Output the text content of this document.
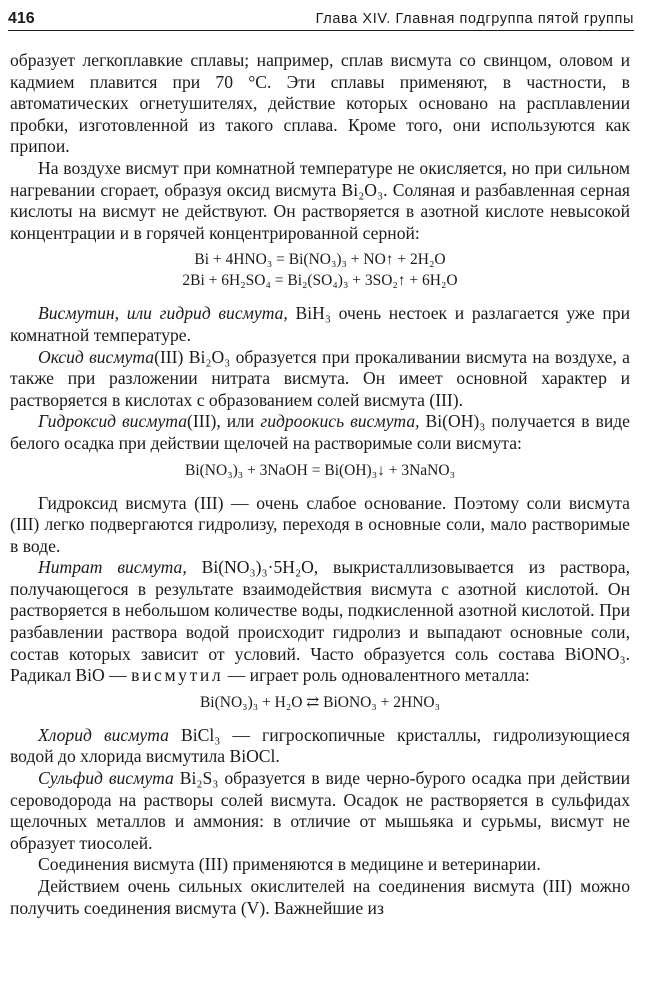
416	Глава XIV. Главная подгруппа пятой группы

образует легкоплавкие сплавы; например, сплав висмута со свинцом, оловом и кадмием плавится при 70 °С. Эти сплавы применяют, в частности, в автоматических огнетушителях, действие которых основано на расплавлении пробки, изготовленной из такого сплава. Кроме того, они используются как припои.

На воздухе висмут при комнатной температуре не окисляется, но при сильном нагревании сгорает, образуя оксид висмута Bi₂O₃. Соляная и разбавленная серная кислоты на висмут не действуют. Он растворяется в азотной кислоте невысокой концентрации и в горячей концентрированной серной:

Bi + 4HNO₃ = Bi(NO₃)₃ + NO↑ + 2H₂O
2Bi + 6H₂SO₄ = Bi₂(SO₄)₃ + 3SO₂↑ + 6H₂O

Висмутин, или гидрид висмута, BiH₃ очень нестоек и разлагается уже при комнатной температуре.

Оксид висмута(III) Bi₂O₃ образуется при прокаливании висмута на воздухе, а также при разложении нитрата висмута. Он имеет основной характер и растворяется в кислотах с образованием солей висмута (III).

Гидроксид висмута(III), или гидроокись висмута, Bi(OH)₃ получается в виде белого осадка при действии щелочей на растворимые соли висмута:

Bi(NO₃)₃ + 3NaOH = Bi(OH)₃↓ + 3NaNO₃

Гидроксид висмута (III) — очень слабое основание. Поэтому соли висмута (III) легко подвергаются гидролизу, переходя в основные соли, мало растворимые в воде.

Нитрат висмута, Bi(NO₃)₃·5H₂O, выкристаллизовывается из раствора, получающегося в результате взаимодействия висмута с азотной кислотой. Он растворяется в небольшом количестве воды, подкисленной азотной кислотой. При разбавлении раствора водой происходит гидролиз и выпадают основные соли, состав которых зависит от условий. Часто образуется соль состава BiONO₃. Радикал BiO — висмутил — играет роль одновалентного металла:

Bi(NO₃)₃ + H₂O ⇄ BiONO₃ + 2HNO₃

Хлорид висмута BiCl₃ — гигроскопичные кристаллы, гидролизующиеся водой до хлорида висмутила BiOCl.

Сульфид висмута Bi₂S₃ образуется в виде черно-бурого осадка при действии сероводорода на растворы солей висмута. Осадок не растворяется в сульфидах щелочных металлов и аммония: в отличие от мышьяка и сурьмы, висмут не образует тиосолей.

Соединения висмута (III) применяются в медицине и ветеринарии.

Действием очень сильных окислителей на соединения висмута (III) можно получить соединения висмута (V). Важнейшие из
